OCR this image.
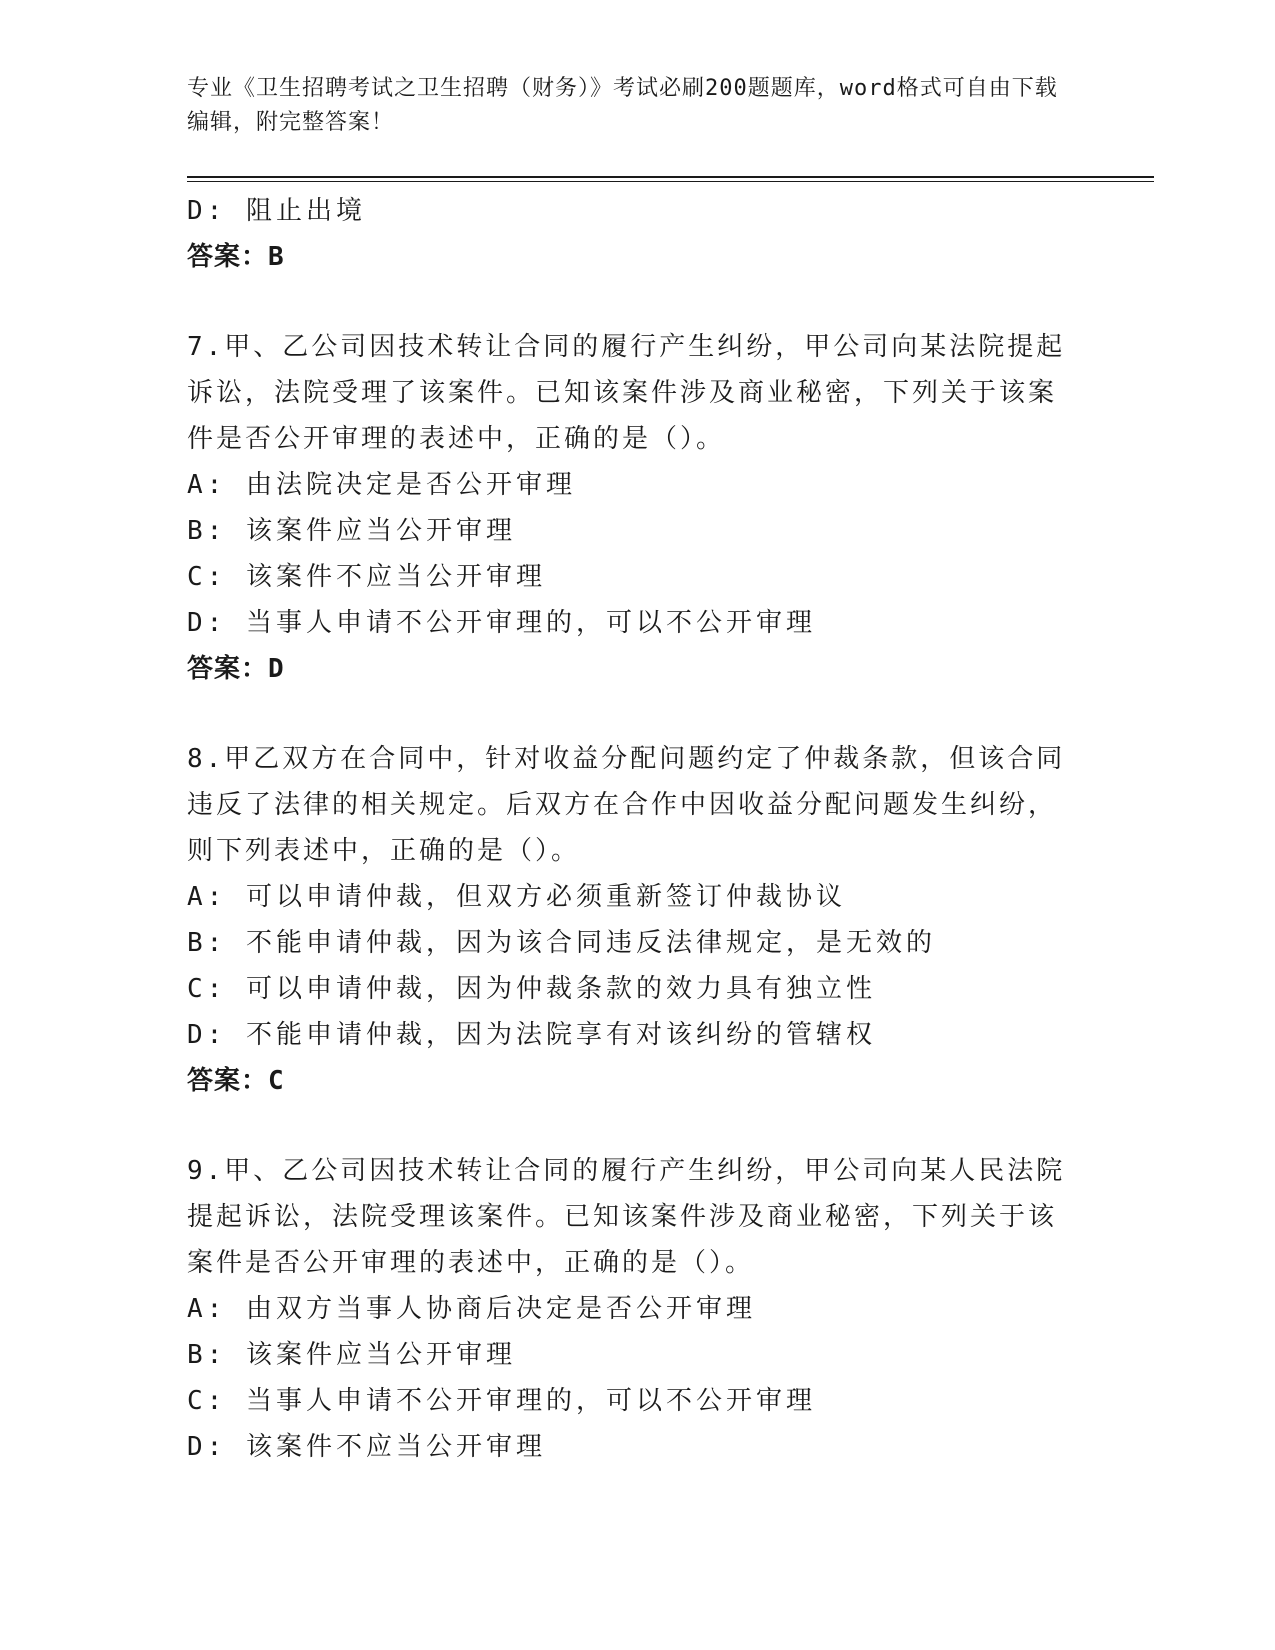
专业《卫生招聘考试之卫生招聘（财务）》考试必刷200题题库，word格式可自由下载编辑，附完整答案！
D: 阻止出境
答案：B
7.甲、乙公司因技术转让合同的履行产生纠纷，甲公司向某法院提起
诉讼，法院受理了该案件。已知该案件涉及商业秘密，下列关于该案
件是否公开审理的表述中，正确的是（）。
A: 由法院决定是否公开审理
B: 该案件应当公开审理
C: 该案件不应当公开审理
D: 当事人申请不公开审理的，可以不公开审理
答案：D
8.甲乙双方在合同中，针对收益分配问题约定了仲裁条款，但该合同
违反了法律的相关规定。后双方在合作中因收益分配问题发生纠纷，
则下列表述中，正确的是（）。
A: 可以申请仲裁，但双方必须重新签订仲裁协议
B: 不能申请仲裁，因为该合同违反法律规定，是无效的
C: 可以申请仲裁，因为仲裁条款的效力具有独立性
D: 不能申请仲裁，因为法院享有对该纠纷的管辖权
答案：C
9.甲、乙公司因技术转让合同的履行产生纠纷，甲公司向某人民法院
提起诉讼，法院受理该案件。已知该案件涉及商业秘密，下列关于该
案件是否公开审理的表述中，正确的是（）。
A: 由双方当事人协商后决定是否公开审理
B: 该案件应当公开审理
C: 当事人申请不公开审理的，可以不公开审理
D: 该案件不应当公开审理
